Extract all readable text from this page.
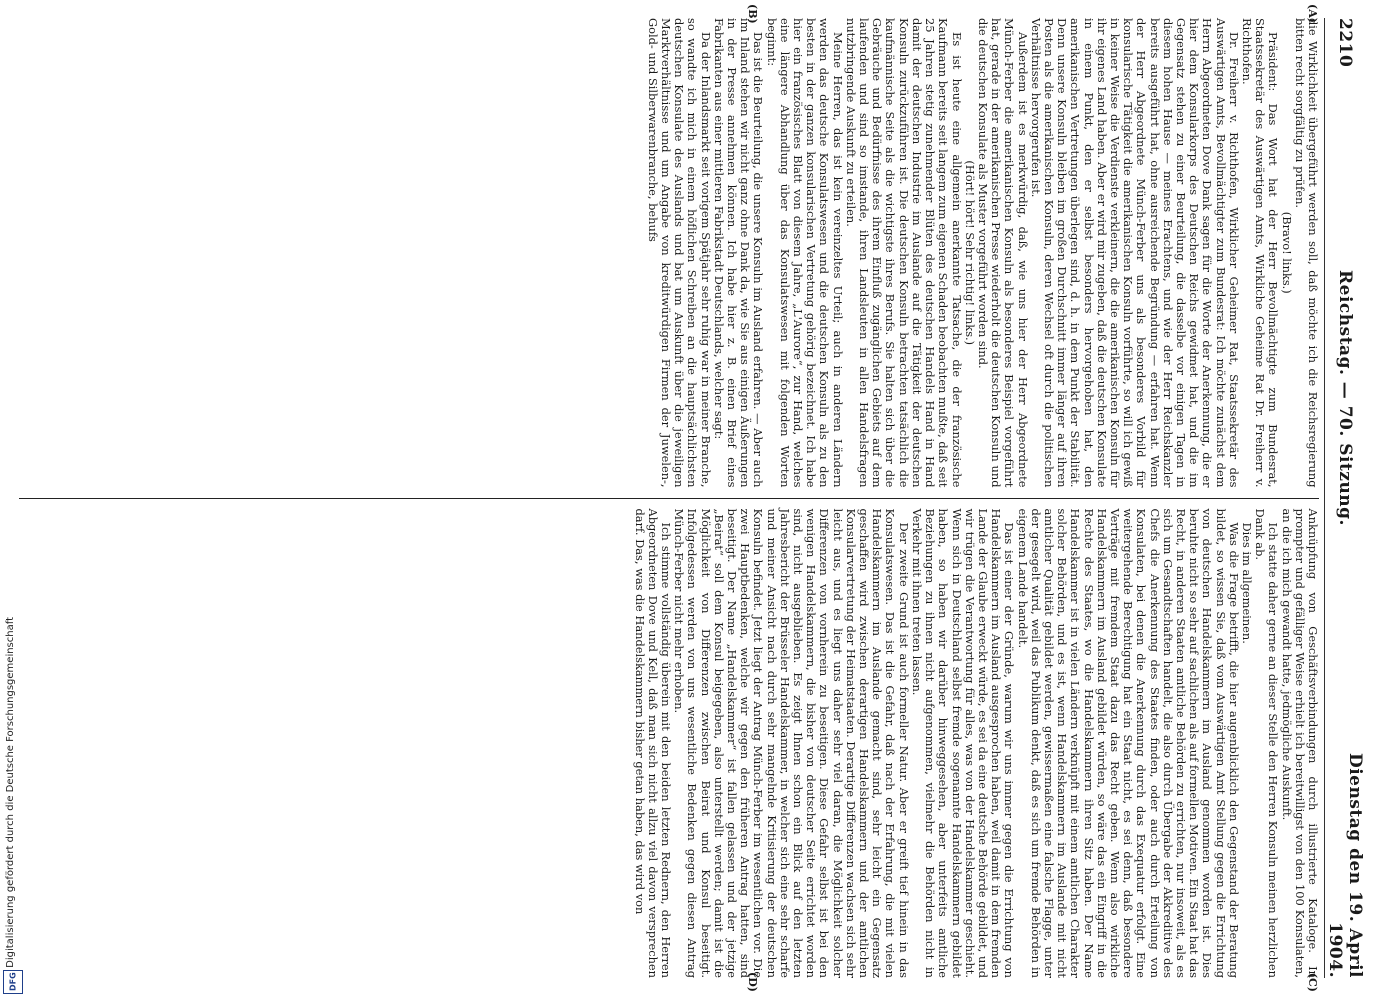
DFG
Digitalisierung gefördert durch die Deutsche Forschungsgemeinschaft
2210
Reichstag. — 70. Sitzung.
Dienstag den 19. April 1904.
(A)
(B)

die Wirklichkeit übergeführt werden soll, daß möchte ich die Reichsregierung bitten recht sorgfältig zu prüfen.

(Bravo! links.)

Präsident: Das Wort hat der Herr Bevollmächtigte zum Bundesrat, Staatssekretär des Auswärtigen Amts, Wirkliche Geheime Rat Dr. Freiherr v. Richthofen.

Dr. Freiherr v. Richthofen, Wirklicher Geheimer Rat, Staatssekretär des Auswärtigen Amts, Bevollmächtigter zum Bundesrat: Ich möchte zunächst dem Herrn Abgeordneten Dove Dank sagen für die Worte der Anerkennung, die er hier dem Konsularkorps des Deutschen Reichs gewidmet hat, und die im Gegensatz stehen zu einer Beurteilung, die dasselbe vor einigen Tagen in diesem hohen Hause — meines Erachtens, und wie der Herr Reichskanzler bereits ausgeführt hat, ohne ausreichende Begründung — erfahren hat. Wenn der Herr Abgeordnete Münch-Ferber uns als besonderes Vorbild für konsularische Tätigkeit die amerikanischen Konsuln vorführte, so will ich gewiß in keiner Weise die Verdienste verkleinern, die die amerikanischen Konsuln für ihr eigenes Land haben. Aber er wird mir zugeben, daß die deutschen Konsulate in einem Punkt, den er selbst besonders hervorgehoben hat, den amerikanischen Vertretungen überlegen sind, d. h. in dem Punkt der Stabilität. Denn unsere Konsuln bleiben im großen Durchschnitt immer länger auf ihren Posten als die amerikanischen Konsuln, deren Wechsel oft durch die politischen Verhältnisse hervorgerufen ist.

Außerdem ist es merkwürdig, daß, wie uns hier der Herr Abgeordnete Münch-Ferber die amerikanischen Konsuln als besonderes Beispiel vorgeführt hat, gerade in der amerikanischen Presse wiederholt die deutschen Konsuln und die deutschen Konsulate als Muster vorgeführt worden sind.

(Hört! hört! Sehr richtig! links.)

Es ist heute eine allgemein anerkannte Tatsache, die der französische Kaufmann bereits seit langem zum eigenen Schaden beobachten mußte, daß seit 25 Jahren stetig zunehmender Blüten des deutschen Handels Hand in Hand damit der deutschen Industrie im Auslande auf die Tätigkeit der deutschen Konsuln zurückzuführen ist. Die deutschen Konsuln betrachten tatsächlich die kaufmännische Seite als die wichtigste ihres Berufs. Sie halten sich über die Gebräuche und Bedürfnisse des ihrem Einfluß zugänglichen Gebiets auf dem laufenden und sind so imstande, ihren Landsleuten in allen Handelsfragen nutzbringende Auskunft zu erteilen.

Meine Herren, das ist kein vereinzeltes Urteil; auch in anderen Ländern werden das deutsche Konsulatswesen und die deutschen Konsuln als zu den besten in der ganzen konsularischen Vertretung gehörig bezeichnet. Ich habe hier ein französisches Blatt von diesem Jahre, „L'Aurore“, zur Hand, welches eine längere Abhandlung über das Konsulatswesen mit folgenden Worten beginnt:

Das ist die Beurteilung, die unsere Konsuln im Ausland erfahren. — Aber auch im Inland stehen wir nicht ganz ohne Dank da, wie Sie aus einigen Äußerungen in der Presse annehmen können. Ich habe hier z. B. einen Brief eines Fabrikanten aus einer mittleren Fabrikstadt Deutschlands, welcher sagt:

Da der Inlandsmarkt seit vorigem Spätjahr sehr ruhig war in meiner Branche, so wandte ich mich in einem höflichen Schreiben an die hauptsächlichsten deutschen Konsulate des Auslands und bat um Auskunft über die jeweiligen Marktverhältnisse und um Angabe von kreditwürdigen Firmen der Juwelen-, Gold- und Silberwarenbranche, behufs

(C)
(D)

Anknüpfung von Geschäftsverbindungen durch illustrierte Kataloge. In prompter und gefälliger Weise erhielt ich bereitwilligst von den 100 Konsulaten, an die ich mich gewandt hatte, jedmögliche Auskunft.

Ich statte daher gerne an dieser Stelle den Herren Konsuln meinen herzlichen Dank ab.

Dies im allgemeinen.

Was die Frage betrifft, die hier augenblicklich den Gegenstand der Beratung bildet, so wissen Sie, daß vom Auswärtigen Amt Stellung gegen die Errichtung von deutschen Handelskammern im Ausland genommen worden ist. Dies beruhte nicht so sehr auf sachlichen als auf formellen Motiven. Ein Staat hat das Recht, in anderen Staaten amtliche Behörden zu errichten, nur insoweit, als es sich um Gesandtschaften handelt, die also durch Übergabe der Akkreditive des Chefs die Anerkennung des Staates finden, oder auch durch Erteilung von Konsulaten, bei denen die Anerkennung durch das Exequatur erfolgt. Eine weitergehende Berechtigung hat ein Staat nicht, es sei denn, daß besondere Verträge mit fremdem Staat dazu das Recht geben. Wenn also wirkliche Handelskammern im Ausland gebildet würden, so wäre das ein Eingriff in die Rechte des Staates, wo die Handelskammern ihren Sitz haben. Der Name Handelskammer ist in vielen Ländern verknüpft mit einem amtlichen Charakter solcher Behörden, und es ist, wenn Handelskammern im Auslande mit nicht amtlicher Qualität gebildet werden, gewissermaßen eine falsche Flagge, unter der gesegelt wird, weil das Publikum denkt, daß es sich um fremde Behörden in eigenem Lande handelt.

Das ist einer der Gründe, warum wir uns immer gegen die Errichtung von Handelskammern im Ausland ausgesprochen haben, weil damit in dem fremden Lande der Glaube erweckt würde, es sei da eine deutsche Behörde gebildet, und wir trügen die Verantwortung für alles, was von der Handelskammer geschieht. Wenn sich in Deutschland selbst fremde sogenannte Handelskammern gebildet haben, so haben wir darüber hinweggesehen, aber unterfeits amtliche Beziehungen zu ihnen nicht aufgenommen, vielmehr die Behörden nicht in Verkehr mit ihnen treten lassen.

Der zweite Grund ist auch formeller Natur. Aber er greift tief hinein in das Konsulatswesen. Das ist die Gefahr, daß nach der Erfahrung, die mit vielen Handelskammern im Auslande gemacht sind, sehr leicht ein Gegensatz geschaffen wird zwischen derartigen Handelskammern und der amtlichen Konsularvertretung der Heimatstaaten. Derartige Differenzen wachsen sich sehr leicht aus, und es liegt uns daher sehr viel daran, die Möglichkeit solcher Differenzen von vornherein zu beseitigen. Diese Gefahr selbst ist bei den wenigen Handelskammern, die bisher von deutscher Seite errichtet worden sind, nicht ausgeblieben. Es zeigt Ihnen schon ein Blick auf den letzten Jahresbericht der Brüsseler Handelskammer, in welcher sich eine sehr scharfe und meiner Ansicht nach durch sehr mangelnde Kritisierung der deutschen Konsuln befindet. Jetzt liegt der Antrag Münch-Ferber im wesentlichen vor. Die zwei Hauptbedenken, welche wir gegen den früheren Antrag hatten, sind beseitigt. Der Name „Handelskammer“ ist fallen gelassen und der jetzige „Beirat“ soll dem Konsul beigegeben, also unterstellt werden; damit ist die Möglichkeit von Differenzen zwischen Beirat und Konsul beseitigt. Infolgedessen werden von uns wesentliche Bedenken gegen diesen Antrag Münch-Ferber nicht mehr erhoben.

Ich stimme vollständig überein mit den beiden letzten Rednern, den Herren Abgeordneten Dove und Kell, daß man sich nicht allzu viel davon versprechen darf. Das, was die Handelskammern bisher getan haben, das wird von
